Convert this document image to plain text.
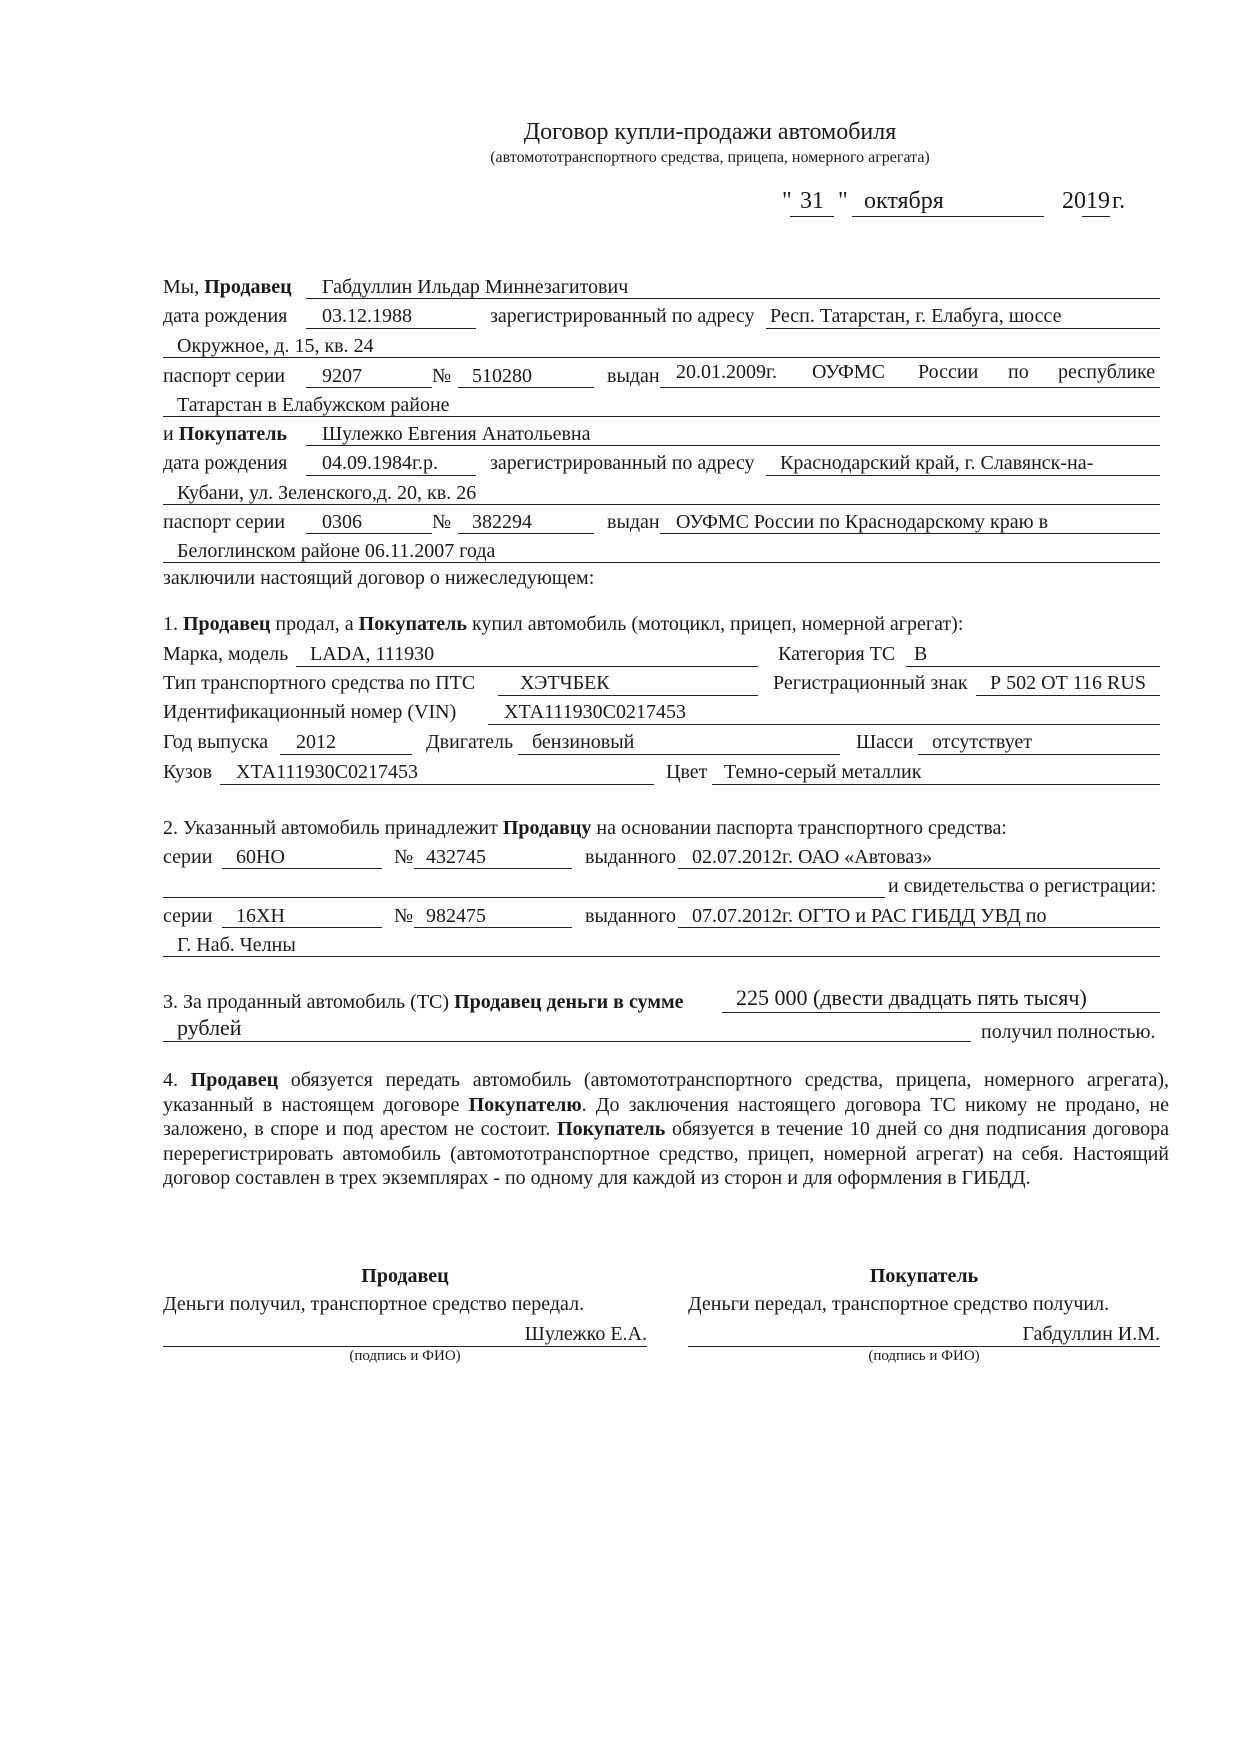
Договор купли-продажи автомобиля
(автомототранспортного средства, прицепа, номерного агрегата)
" 31 " октября	2019 г.
Мы, Продавец Габдуллин Ильдар Миннезагитович
дата рождения 03.12.1988	зарегистрированный по адресу Респ. Татарстан, г. Елабуга, шоссе
Окружное, д. 15, кв. 24
паспорт серии 9207	№ 510280	выдан 20.01.2009г. ОУФМС России по республике
Татарстан в Елабужском районе
и Покупатель Шулежко Евгения Анатольевна
дата рождения 04.09.1984г.р.	зарегистрированный по адресу Краснодарский край, г. Славянск-на-
Кубани, ул. Зеленского,д. 20, кв. 26
паспорт серии 0306	№ 382294	выдан ОУФМС России по Краснодарскому краю в
Белоглинском районе 06.11.2007 года
заключили настоящий договор о нижеследующем:
1. Продавец продал, а Покупатель купил автомобиль (мотоцикл, прицеп, номерной агрегат):
Марка, модель LADA, 111930	Категория ТС В
Тип транспортного средства по ПТС ХЭТЧБЕК	Регистрационный знак Р 502 ОТ 116 RUS
Идентификационный номер (VIN) ХТА111930С0217453
Год выпуска 2012	Двигатель бензиновый	Шасси отсутствует
Кузов ХТА111930С0217453	Цвет Темно-серый металлик
2. Указанный автомобиль принадлежит Продавцу на основании паспорта транспортного средства:
серии 60НО	№ 432745	выданного 02.07.2012г. ОАО «Автоваз»
и свидетельства о регистрации:
серии 16ХН	№ 982475	выданного 07.07.2012г. ОГТО и РАС ГИБДД УВД по
Г. Наб. Челны
3. За проданный автомобиль (ТС) Продавец деньги в сумме 225 000 (двести двадцать пять тысяч)
рублей	получил полностью.
4. Продавец обязуется передать автомобиль (автомототранспортного средства, прицепа, номерного агрегата), указанный в настоящем договоре Покупателю. До заключения настоящего договора ТС никому не продано, не заложено, в споре и под арестом не состоит. Покупатель обязуется в течение 10 дней со дня подписания договора перерегистрировать автомобиль (автомототранспортное средство, прицеп, номерной агрегат) на себя. Настоящий договор составлен в трех экземплярах - по одному для каждой из сторон и для оформления в ГИБДД.
Продавец
Деньги получил, транспортное средство передал.
Шулежко Е.А.
(подпись и ФИО)
Покупатель
Деньги передал, транспортное средство получил.
Габдуллин И.М.
(подпись и ФИО)
